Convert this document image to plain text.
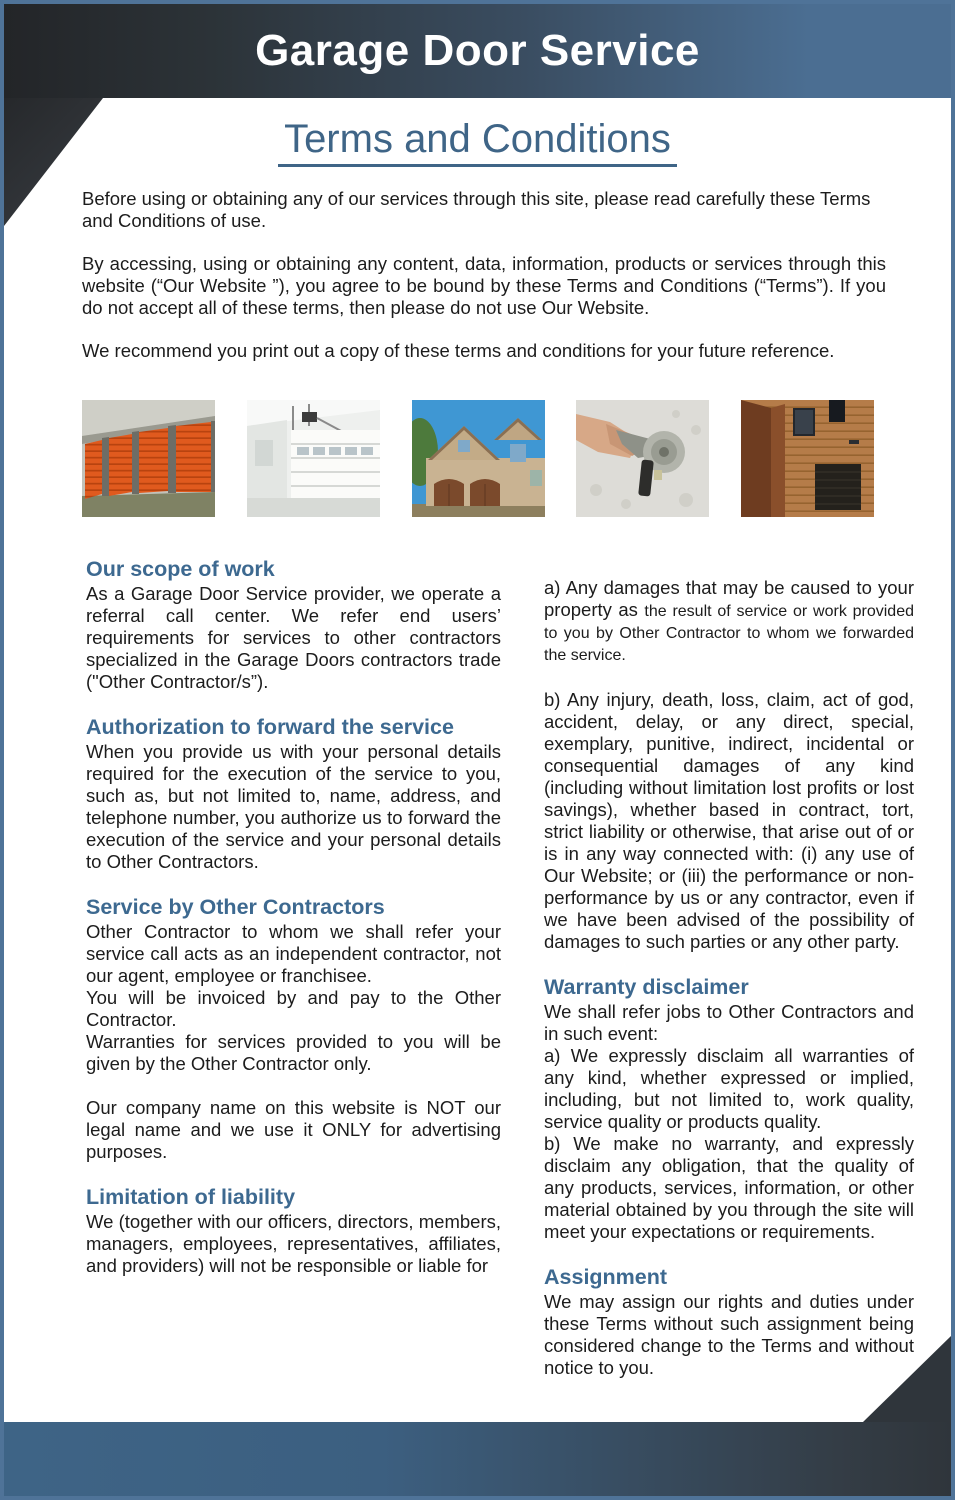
Garage Door Service
Terms and Conditions

Before using or obtaining any of our services through this site, please read carefully these Terms and Conditions of use.

By accessing, using or obtaining any content, data, information, products or services through this website (“Our Website ”), you agree to be bound by these Terms and Conditions (“Terms”). If you do not accept all of these terms, then please do not use Our Website.

We recommend you print out a copy of these terms and conditions for your future reference.

Our scope of work

As a Garage Door Service provider, we operate a referral call center. We refer end users’ requirements for services to other contractors specialized in the Garage Doors contractors trade ("Other Contractor/s”).

Authorization to forward the service

When you provide us with your personal details required for the execution of the service to you, such as, but not limited to, name, address, and telephone number, you authorize us to forward the execution of the service and your personal details to Other Contractors.

Service by Other Contractors

Other Contractor to whom we shall refer your service call acts as an independent contractor, not our agent, employee or franchisee.

You will be invoiced by and pay to the Other Contractor.

Warranties for services provided to you will be given by the Other Contractor only.

Our company name on this website is NOT our legal name and we use it ONLY for advertising purposes.

Limitation of liability

We (together with our officers, directors, members, managers, employees, representatives, affiliates, and providers) will not be responsible or liable for

a) Any damages that may be caused to your property as the result of service or work provided to you by Other Contractor to whom we forwarded the service.

b) Any injury, death, loss, claim, act of god, accident, delay, or any direct, special, exemplary, punitive, indirect, incidental or consequential damages of any kind (including without limitation lost profits or lost savings), whether based in contract, tort, strict liability or otherwise, that arise out of or is in any way connected with: (i) any use of Our Website; or (iii) the performance or non-performance by us or any contractor, even if we have been advised of the possibility of damages to such parties or any other party.

Warranty disclaimer

We shall refer jobs to Other Contractors and in such event:

a) We expressly disclaim all warranties of any kind, whether expressed or implied, including, but not limited to, work quality, service quality or products quality.

b) We make no warranty, and expressly disclaim any obligation, that the quality of any products, services, information, or other material obtained by you through the site will meet your expectations or requirements.

Assignment

We may assign our rights and duties under these Terms without such assignment being considered change to the Terms and without notice to you.
